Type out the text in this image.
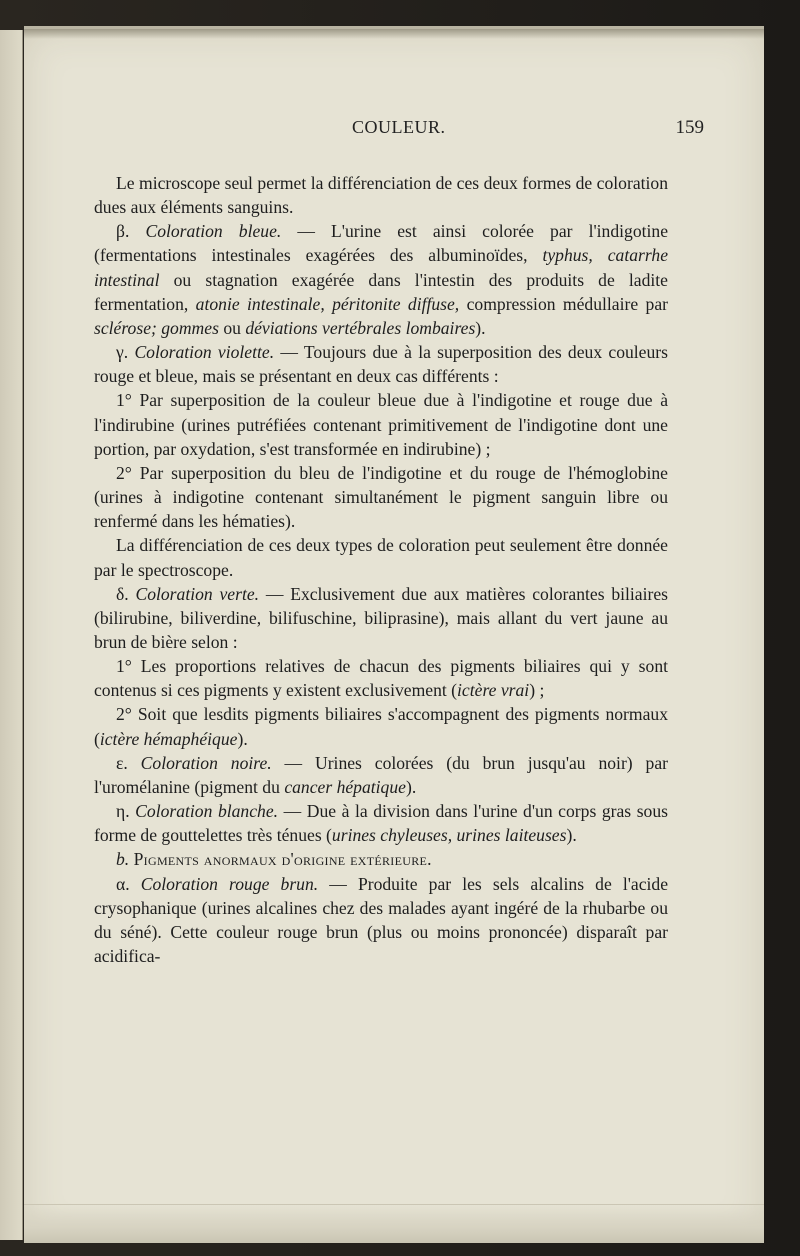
COULEUR.	159

Le microscope seul permet la différenciation de ces deux formes de coloration dues aux éléments sanguins.

β. Coloration bleue. — L'urine est ainsi colorée par l'indigotine (fermentations intestinales exagérées des albuminoïdes, typhus, catarrhe intestinal ou stagnation exagérée dans l'intestin des produits de ladite fermentation, atonie intestinale, péritonite diffuse, compression médullaire par sclérose; gommes ou déviations vertébrales lombaires).

γ. Coloration violette. — Toujours due à la superposition des deux couleurs rouge et bleue, mais se présentant en deux cas différents :

1° Par superposition de la couleur bleue due à l'indigotine et rouge due à l'indirubine (urines putréfiées contenant primitivement de l'indigotine dont une portion, par oxydation, s'est transformée en indirubine) ;

2° Par superposition du bleu de l'indigotine et du rouge de l'hémoglobine (urines à indigotine contenant simultanément le pigment sanguin libre ou renfermé dans les hématies).

La différenciation de ces deux types de coloration peut seulement être donnée par le spectroscope.

δ. Coloration verte. — Exclusivement due aux matières colorantes biliaires (bilirubine, biliverdine, bilifuschine, biliprasine), mais allant du vert jaune au brun de bière selon :

1° Les proportions relatives de chacun des pigments biliaires qui y sont contenus si ces pigments y existent exclusivement (ictère vrai) ;

2° Soit que lesdits pigments biliaires s'accompagnent des pigments normaux (ictère hémaphéique).

ε. Coloration noire. — Urines colorées (du brun jusqu'au noir) par l'uromélanine (pigment du cancer hépatique).

η. Coloration blanche. — Due à la division dans l'urine d'un corps gras sous forme de gouttelettes très ténues (urines chyleuses, urines laiteuses).

b. Pigments anormaux d'origine extérieure.

α. Coloration rouge brun. — Produite par les sels alcalins de l'acide crysophanique (urines alcalines chez des malades ayant ingéré de la rhubarbe ou du séné). Cette couleur rouge brun (plus ou moins prononcée) disparaît par acidifica-
